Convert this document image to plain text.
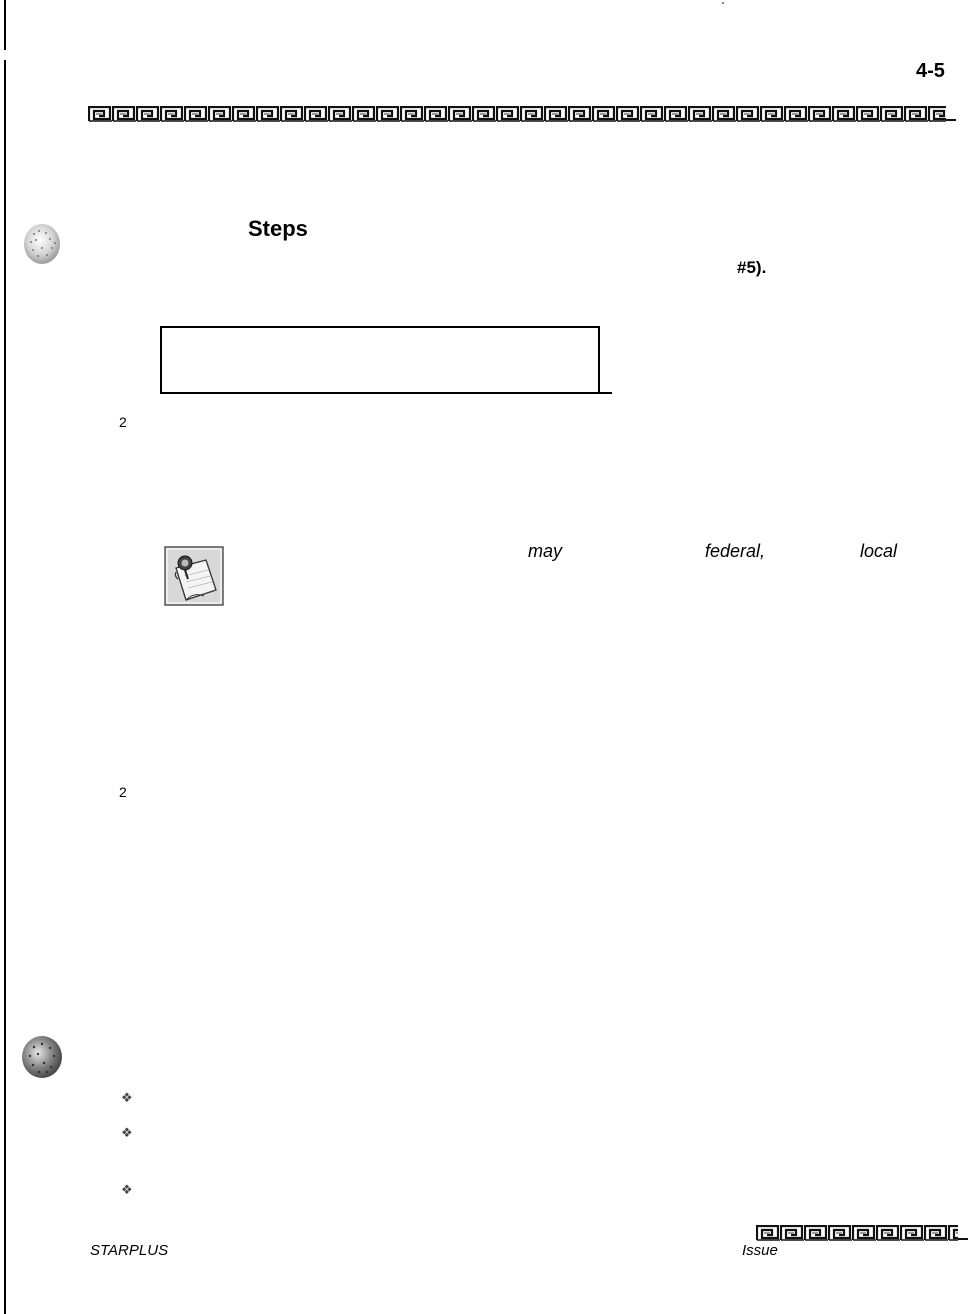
4-5
Steps
#5).
2
may	federal,	local
2
❖
❖
❖
STARPLUS	Issue
